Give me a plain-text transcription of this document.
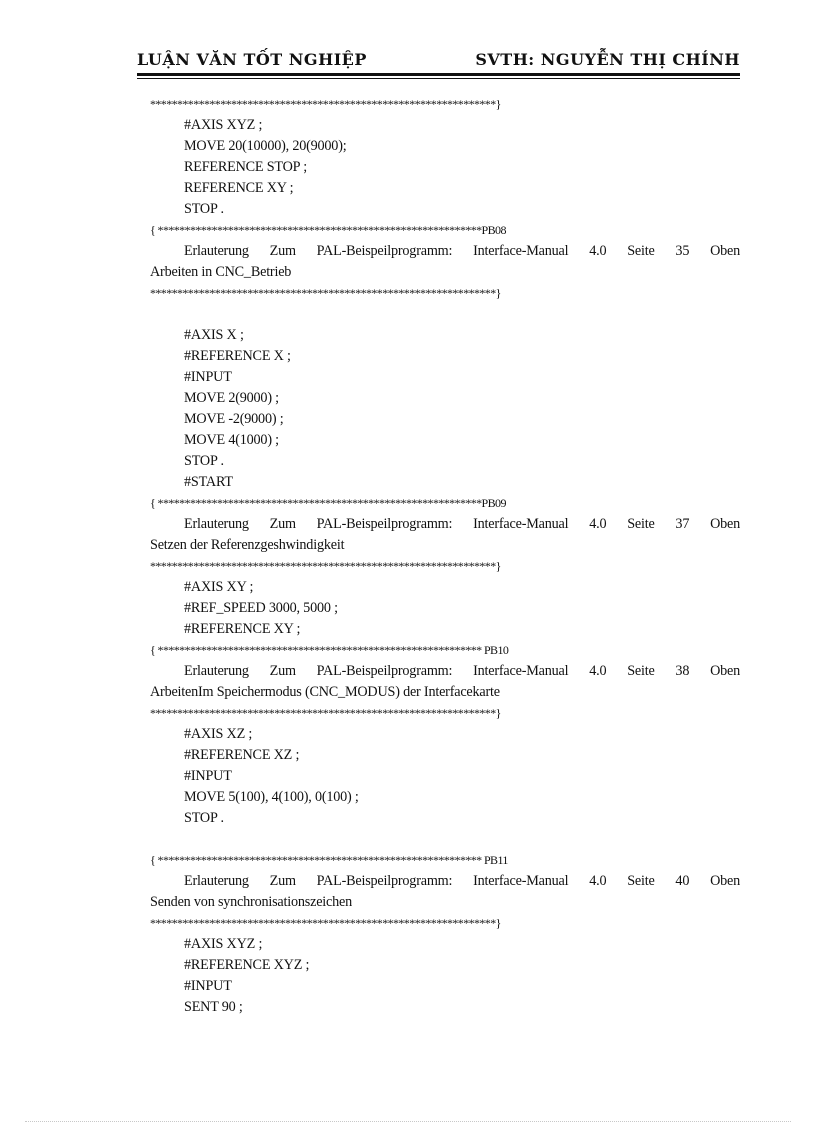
LUẬN VĂN TỐT NGHIỆP	SVTH: NGUYỄN THỊ CHÍNH
****************************************************************}
#AXIS XYZ ;
MOVE 20(10000), 20(9000);
REFERENCE STOP ;
REFERENCE XY ;
STOP .
{ ************************************************************PB08
Erlauterung Zum PAL-Beispeilprogramm: Interface-Manual 4.0 Seite 35 Oben
Arbeiten in CNC_Betrieb
****************************************************************}
#AXIS X ;
#REFERENCE X ;
#INPUT
MOVE 2(9000) ;
MOVE -2(9000) ;
MOVE 4(1000) ;
STOP .
#START
{ ************************************************************PB09
Erlauterung Zum PAL-Beispeilprogramm: Interface-Manual 4.0 Seite 37 Oben
Setzen der Referenzgeshwindigkeit
****************************************************************}
#AXIS XY ;
#REF_SPEED 3000, 5000 ;
#REFERENCE XY ;
{ ************************************************************ PB10
Erlauterung Zum PAL-Beispeilprogramm: Interface-Manual 4.0 Seite 38 Oben
ArbeitenIm Speichermodus (CNC_MODUS) der Interfacekarte
****************************************************************}
#AXIS XZ ;
#REFERENCE XZ ;
#INPUT
MOVE 5(100), 4(100), 0(100) ;
STOP .
{ ************************************************************ PB11
Erlauterung Zum PAL-Beispeilprogramm: Interface-Manual 4.0 Seite 40 Oben
Senden von synchronisationszeichen
****************************************************************}
#AXIS XYZ ;
#REFERENCE XYZ ;
#INPUT
SENT 90 ;
